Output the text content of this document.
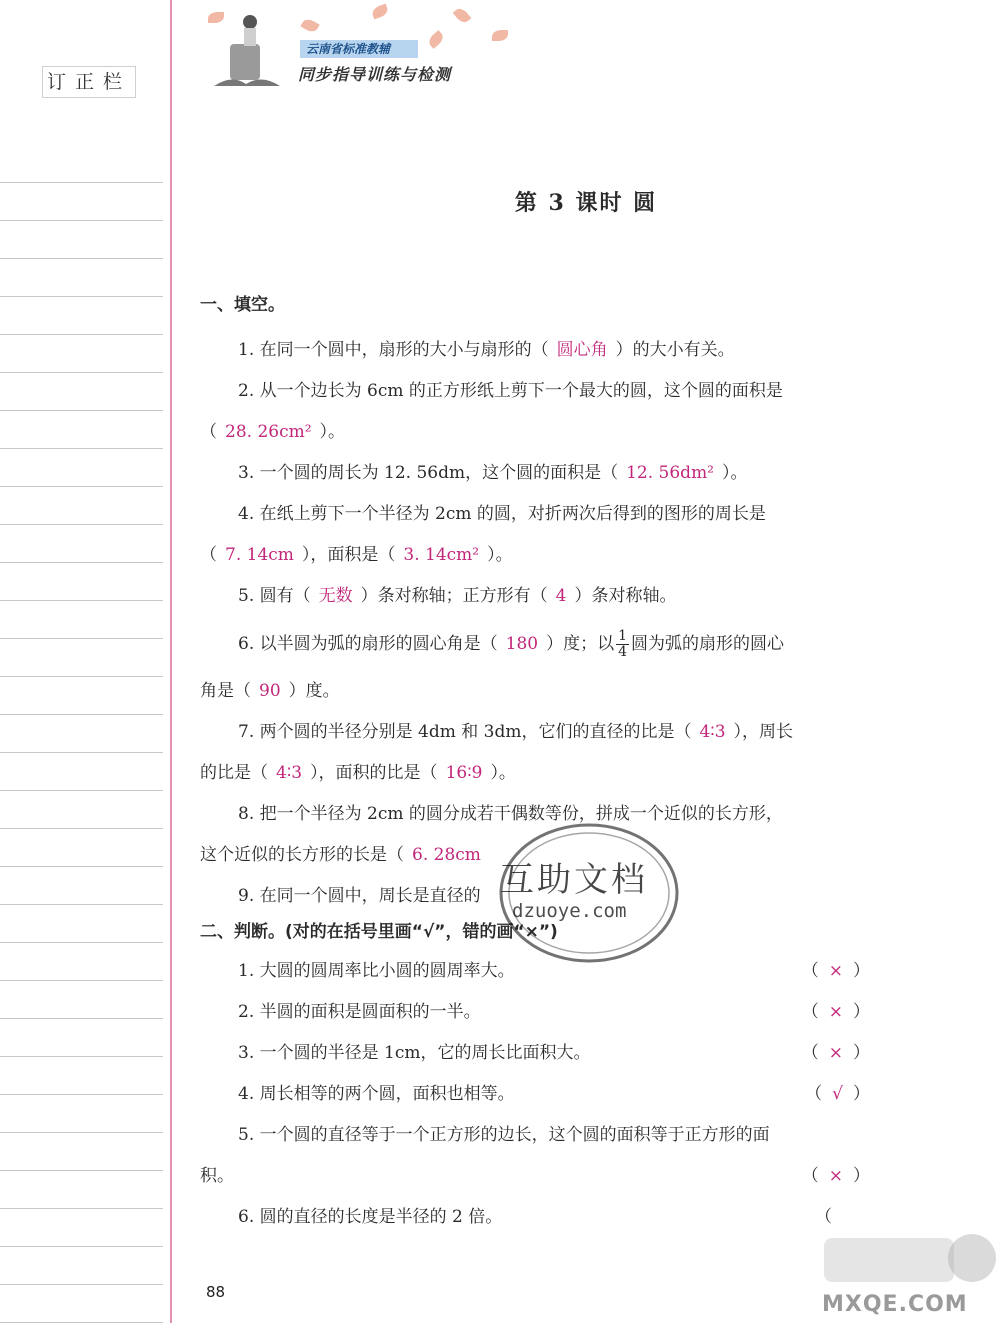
订正栏
云南省标准教辅
同步指导训练与检测
第 3 课时 圆
一、填空。
1. 在同一个圆中，扇形的大小与扇形的（ 圆心角 ）的大小有关。
2. 从一个边长为 6cm 的正方形纸上剪下一个最大的圆，这个圆的面积是
（ 28. 26cm² ）。
3. 一个圆的周长为 12. 56dm，这个圆的面积是（ 12. 56dm² ）。
4. 在纸上剪下一个半径为 2cm 的圆，对折两次后得到的图形的周长是
（ 7. 14cm ），面积是（ 3. 14cm² ）。
5. 圆有（ 无数 ）条对称轴；正方形有（ 4 ）条对称轴。
6. 以半圆为弧的扇形的圆心角是（ 180 ）度；以 $\frac{1}{4}$ 圆为弧的扇形的圆心
角是（ 90 ）度。
7. 两个圆的半径分别是 4dm 和 3dm，它们的直径的比是（ 4∶3 ），周长
的比是（ 4∶3 ），面积的比是（ 16∶9 ）。
8. 把一个半径为 2cm 的圆分成若干偶数等份，拼成一个近似的长方形，
这个近似的长方形的长是（ 6. 28cm
9. 在同一个圆中，周长是直径的
二、判断。(对的在括号里画“√”，错的画“×”)
1. 大圆的圆周率比小圆的圆周率大。	（ × ）
2. 半圆的面积是圆面积的一半。	（ × ）
3. 一个圆的半径是 1cm，它的周长比面积大。	（ × ）
4. 周长相等的两个圆，面积也相等。	（ √ ）
5. 一个圆的直径等于一个正方形的边长，这个圆的面积等于正方形的面
积。	（ × ）
6. 圆的直径的长度是半径的 2 倍。	（
88
互助文档
dzuoye.com
MXQE.COM
